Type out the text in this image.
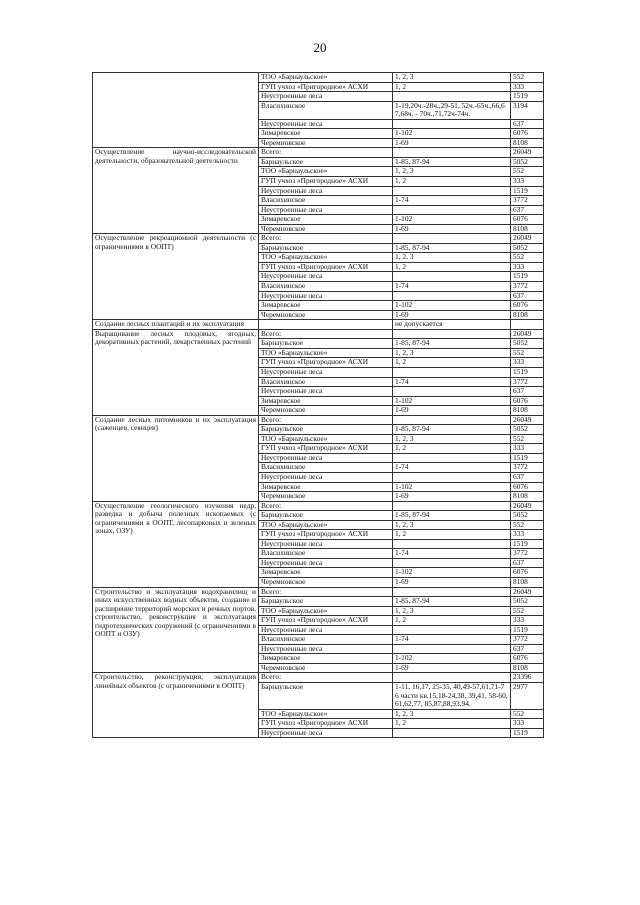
20
	ТОО «Барнаульское»	1, 2, 3	552
	ГУП учхоз «Пригородное» АСХИ	1, 2	333
	Неустроенные леса		1519
	Власихинское	1-19,20ч.-28ч.,29-51, 52ч.-65ч.,66,67,68ч. - 70ч.,71,72ч-74ч.	3194
	Неустроенные леса		637
	Зимаревское	1-102	6076
	Черемновское	1-69	8108
Осуществление научно-исследовательской деятельности, образовательной деятельности	Всего:		26049
	Барнаульское	1-85, 87-94	5052
	ТОО «Барнаульское»	1, 2, 3	552
	ГУП учхоз «Пригородное» АСХИ	1, 2	333
	Неустроенные леса		1519
	Власихинское	1-74	3772
	Неустроенные леса		637
	Зимаревское	1-102	6076
	Черемновское	1-69	8108
Осуществление рекреационной деятельности (с ограничениями в ООПТ)	Всего:		26049
	Барнаульское	1-85, 87-94	5052
	ТОО «Барнаульское»	1, 2, 3	552
	ГУП учхоз «Пригородное» АСХИ	1, 2	333
	Неустроенные леса		1519
	Власихинское	1-74	3772
	Неустроенные леса		637
	Зимаревское	1-102	6076
	Черемновское	1-69	8108
Создание лесных плантаций и их эксплуатация		не допускается	
Выращивание лесных плодовых, ягодных, декоративных растений, лекарственных растений	Всего:		26049
	Барнаульское	1-85, 87-94	5052
	ТОО «Барнаульское»	1, 2, 3	552
	ГУП учхоз «Пригородное» АСХИ	1, 2	333
	Неустроенные леса		1519
	Власихинское	1-74	3772
	Неустроенные леса		637
	Зимаревское	1-102	6076
	Черемновское	1-69	8108
Создание лесных питомников и их эксплуатация (саженцев, сеянцев)	Всего:		26049
	Барнаульское	1-85, 87-94	5052
	ТОО «Барнаульское»	1, 2, 3	552
	ГУП учхоз «Пригородное» АСХИ	1, 2	333
	Неустроенные леса		1519
	Власихинское	1-74	3772
	Неустроенные леса		637
	Зимаревское	1-102	6076
	Черемновское	1-69	8108
Осуществление геологического изучения недр, разведка и добыча полезных ископаемых (с ограничениями в ООПТ, лесопарковых и зеленых зонах, ОЗУ)	Всего:		26049
	Барнаульское	1-85, 87-94	5052
	ТОО «Барнаульское»	1, 2, 3	552
	ГУП учхоз «Пригородное» АСХИ	1, 2	333
	Неустроенные леса		1519
	Власихинское	1-74	3772
	Неустроенные леса		637
	Зимаревское	1-102	6076
	Черемновское	1-69	8108
Строительство и эксплуатация водохранилищ и иных искусственных водных объектов, создание и расширение территорий морских и речных портов, строительство, реконструкция и эксплуатация гидротехнических сооружений (с ограничениями в ООПТ и ОЗУ)	Всего:		26049
	Барнаульское	1-85, 87-94	5052
	ТОО «Барнаульское»	1, 2, 3	552
	ГУП учхоз «Пригородное» АСХИ	1, 2	333
	Неустроенные леса		1519
	Власихинское	1-74	3772
	Неустроенные леса		637
	Зимаревское	1-102	6076
	Черемновское	1-69	8108
Строительство, реконструкция, эксплуатация линейных объектов (с ограничениями в ООПТ)	Всего:		23396
	Барнаульское	1-11, 16,17, 25-35, 40,49-57,61,71-76 части кв.15,18-24,38, 39,41, 58-60,61,62,77, 85,87,88,93,94.	2977
	ТОО «Барнаульское»	1, 2, 3	552
	ГУП учхоз «Пригородное» АСХИ	1, 2	333
	Неустроенные леса		1519
